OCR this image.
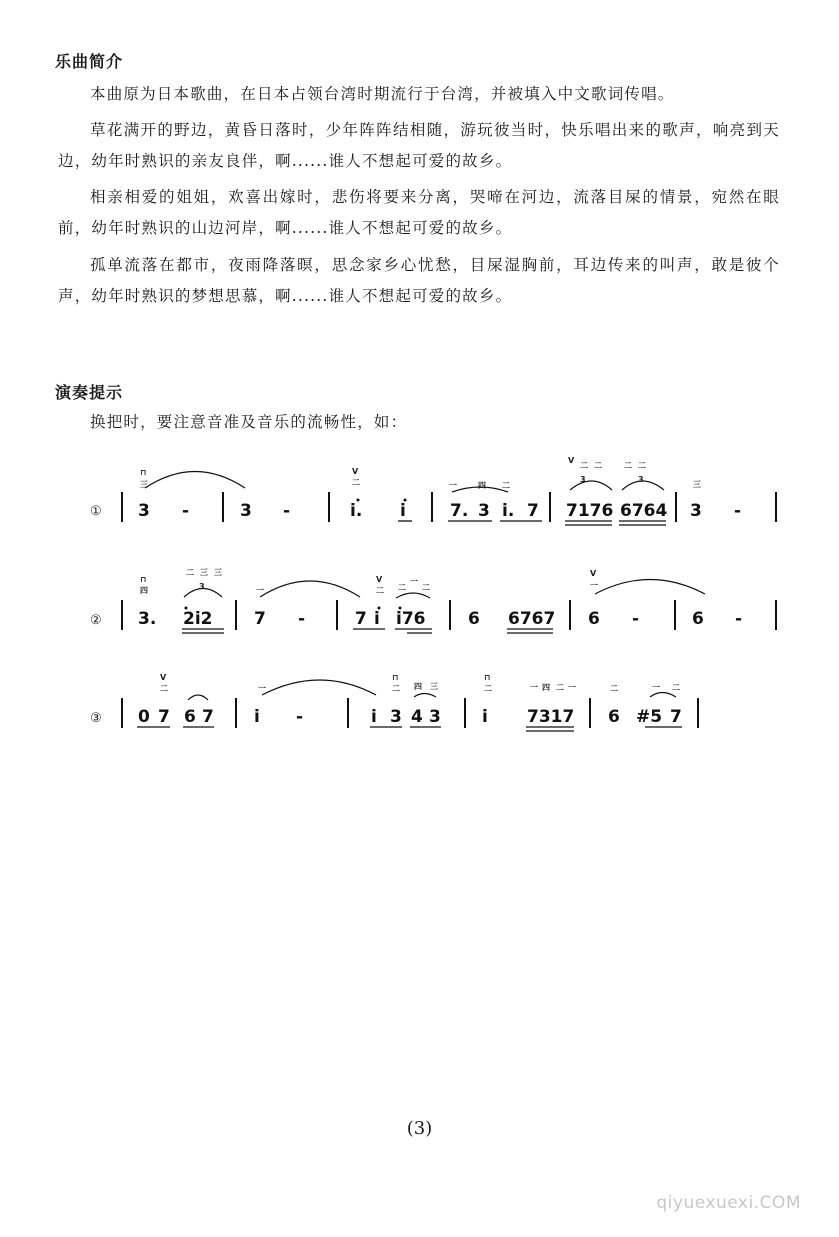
乐曲简介

本曲原为日本歌曲，在日本占领台湾时期流行于台湾，并被填入中文歌词传唱。

草花满开的野边，黄昏日落时，少年阵阵结相随，游玩彼当时，快乐唱出来的歌声，响亮到天边，幼年时熟识的亲友良伴，啊......谁人不想起可爱的故乡。

相亲相爱的姐姐，欢喜出嫁时，悲伤将要来分离，哭啼在河边，流落目屎的情景，宛然在眼前，幼年时熟识的山边河岸，啊......谁人不想起可爱的故乡。

孤单流落在都市，夜雨降落暝，思念家乡心忧愁，目屎湿胸前，耳边传来的叫声，敢是彼个声，幼年时熟识的梦想思慕，啊......谁人不想起可爱的故乡。

演奏提示
换把时，要注意音准及音乐的流畅性，如：
①
⊓
三
3 -	3 -
V
二
i. i
一	四 二
7. 3 i. 7
V
二 二	二 二
3	3
7176 6764
三
3 -
②
⊓
四
3.
二 三 三
3
2i2
一
7 -
V
二 二
一
二
7 i i76	6 6767
V
一
6 -	6 -
③
V
二
0 7 6 7
一
i -
⊓
二 四 三
i 3 4 3
⊓
二
i
一 四 二 一
7317
二
6
一 二
#5 7
(3)
qiyuexuexi.COM
